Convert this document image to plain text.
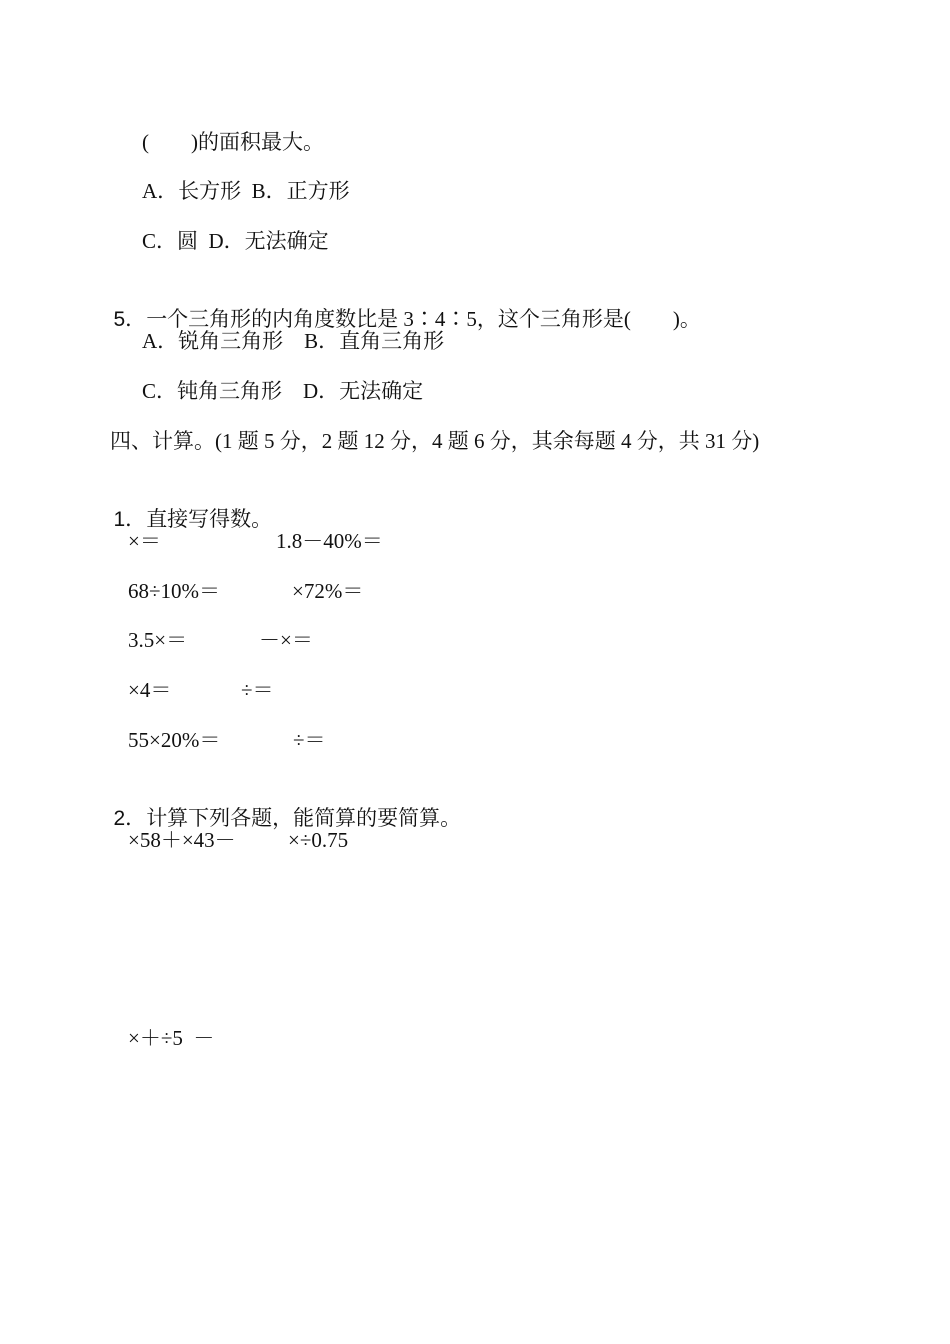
(　　)的面积最大。
A．长方形  B．正方形
C．圆  D．无法确定

5．一个三角形的内角度数比是 3∶4∶5，这个三角形是(　　)。

A．锐角三角形    B．直角三角形
C．钝角三角形    D．无法确定
四、计算。(1 题 5 分，2 题 12 分，4 题 6 分，其余每题 4 分，共 31 分)

1．直接写得数。

×＝	1.8－40%＝
68÷10%＝	×72%＝
3.5×＝	－×＝
×4＝	÷＝
55×20%＝	÷＝

2．计算下列各题，能简算的要简算。

×58＋×43－ ×÷0.75
×＋÷5  －
